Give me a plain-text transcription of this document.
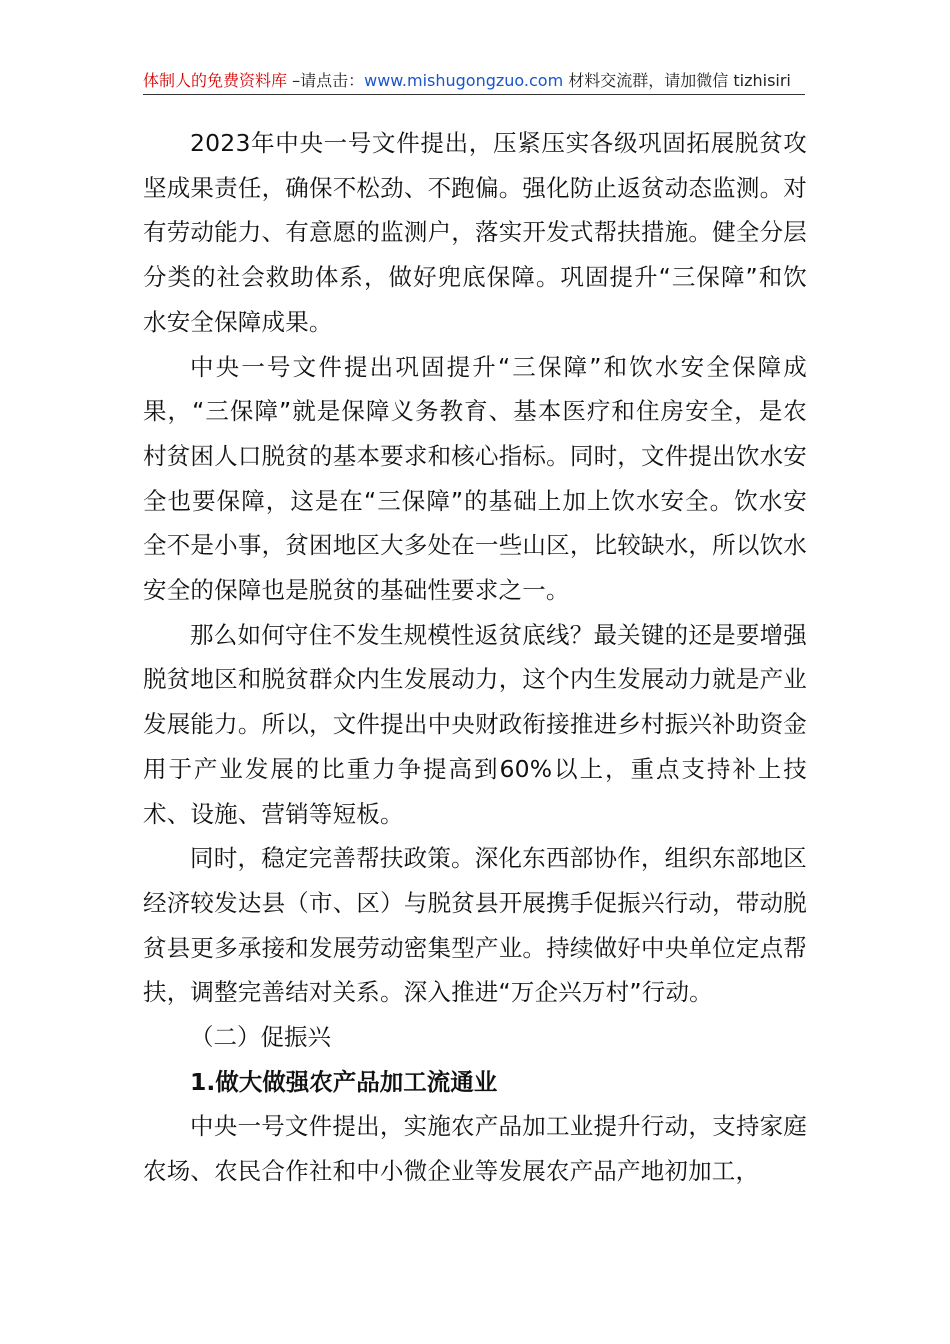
体制人的免费资料库 –请点击：www.mishugongzuo.com 材料交流群，请加微信 tizhisiri

2023年中央一号文件提出，压紧压实各级巩固拓展脱贫攻坚成果责任，确保不松劲、不跑偏。强化防止返贫动态监测。对有劳动能力、有意愿的监测户，落实开发式帮扶措施。健全分层分类的社会救助体系，做好兜底保障。巩固提升“三保障”和饮水安全保障成果。

中央一号文件提出巩固提升“三保障”和饮水安全保障成果，“三保障”就是保障义务教育、基本医疗和住房安全，是农村贫困人口脱贫的基本要求和核心指标。同时，文件提出饮水安全也要保障，这是在“三保障”的基础上加上饮水安全。饮水安全不是小事，贫困地区大多处在一些山区，比较缺水，所以饮水安全的保障也是脱贫的基础性要求之一。

那么如何守住不发生规模性返贫底线？最关键的还是要增强脱贫地区和脱贫群众内生发展动力，这个内生发展动力就是产业发展能力。所以，文件提出中央财政衔接推进乡村振兴补助资金用于产业发展的比重力争提高到60%以上，重点支持补上技术、设施、营销等短板。

同时，稳定完善帮扶政策。深化东西部协作，组织东部地区经济较发达县（市、区）与脱贫县开展携手促振兴行动，带动脱贫县更多承接和发展劳动密集型产业。持续做好中央单位定点帮扶，调整完善结对关系。深入推进“万企兴万村”行动。

（二）促振兴

1.做大做强农产品加工流通业

中央一号文件提出，实施农产品加工业提升行动，支持家庭农场、农民合作社和中小微企业等发展农产品产地初加工，
